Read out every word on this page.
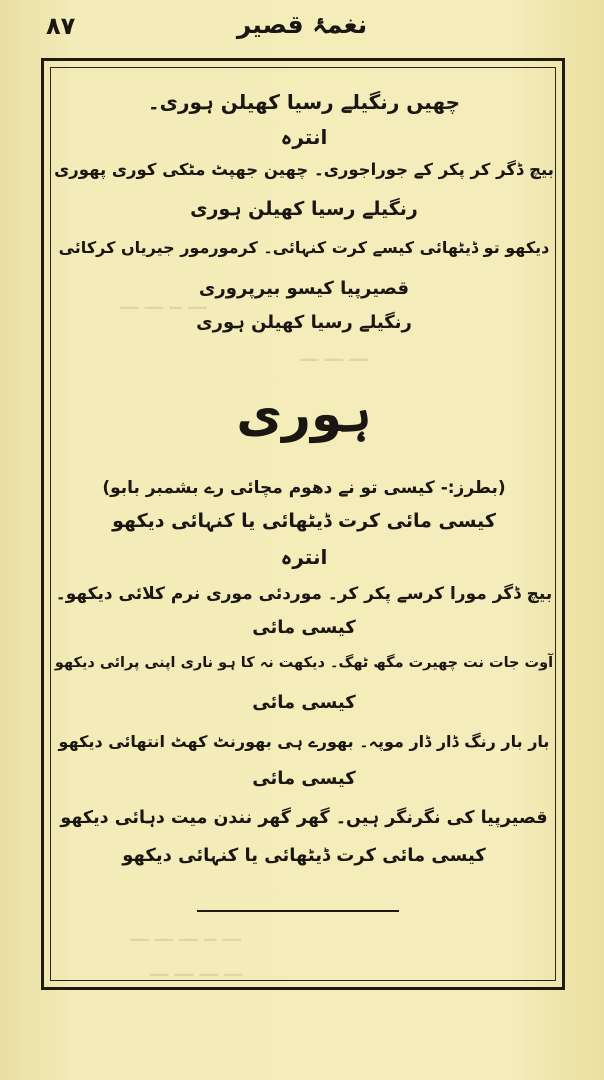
۸۷	نغمۂ قصیر
چھیں رنگیلے رسیا کھیلن ہوری۔
انترہ
بیچ ڈگر کر پکر کے جوراجوری۔ چھین جھپٹ مٹکی کوری پھوری
رنگیلے رسیا کھیلن ہوری
دیکھو تو ڈیٹھائی کیسے کرت کنہائی۔ کرمورمور جیریاں کرکائی
قصیرپیا کیسو بیرپروری
رنگیلے رسیا کھیلن ہوری
ہوری
(بطرز:- کیسی تو نے دھوم مچائی رے بشمبر بابو)
کیسی مائی کرت ڈیٹھائی یا کنہائی دیکھو
انترہ
بیچ ڈگر مورا کرسے پکر کر۔ موردئی موری نرم کلائی دیکھو۔
کیسی مائی
آوت جات نت چھیرت مگھ ٹھگ۔ دیکھت نہ کا ہو ناری اپنی پرائی دیکھو
کیسی مائی
بار بار رنگ ڈار ڈار موپہ۔ بھورے ہی بھورنٹ کھٹ انتھائی دیکھو
کیسی مائی
قصیرپیا کی نگرنگر ہیں۔ گھر گھر نندن میت دہائی دیکھو
کیسی مائی کرت ڈیٹھائی یا کنہائی دیکھو
ـــ ــ ـــ ـــ
ـــ ـــ ـــ
ـــ ــ ـــ ـــ ـــ
ـــ ـــ ـــ ـــ
